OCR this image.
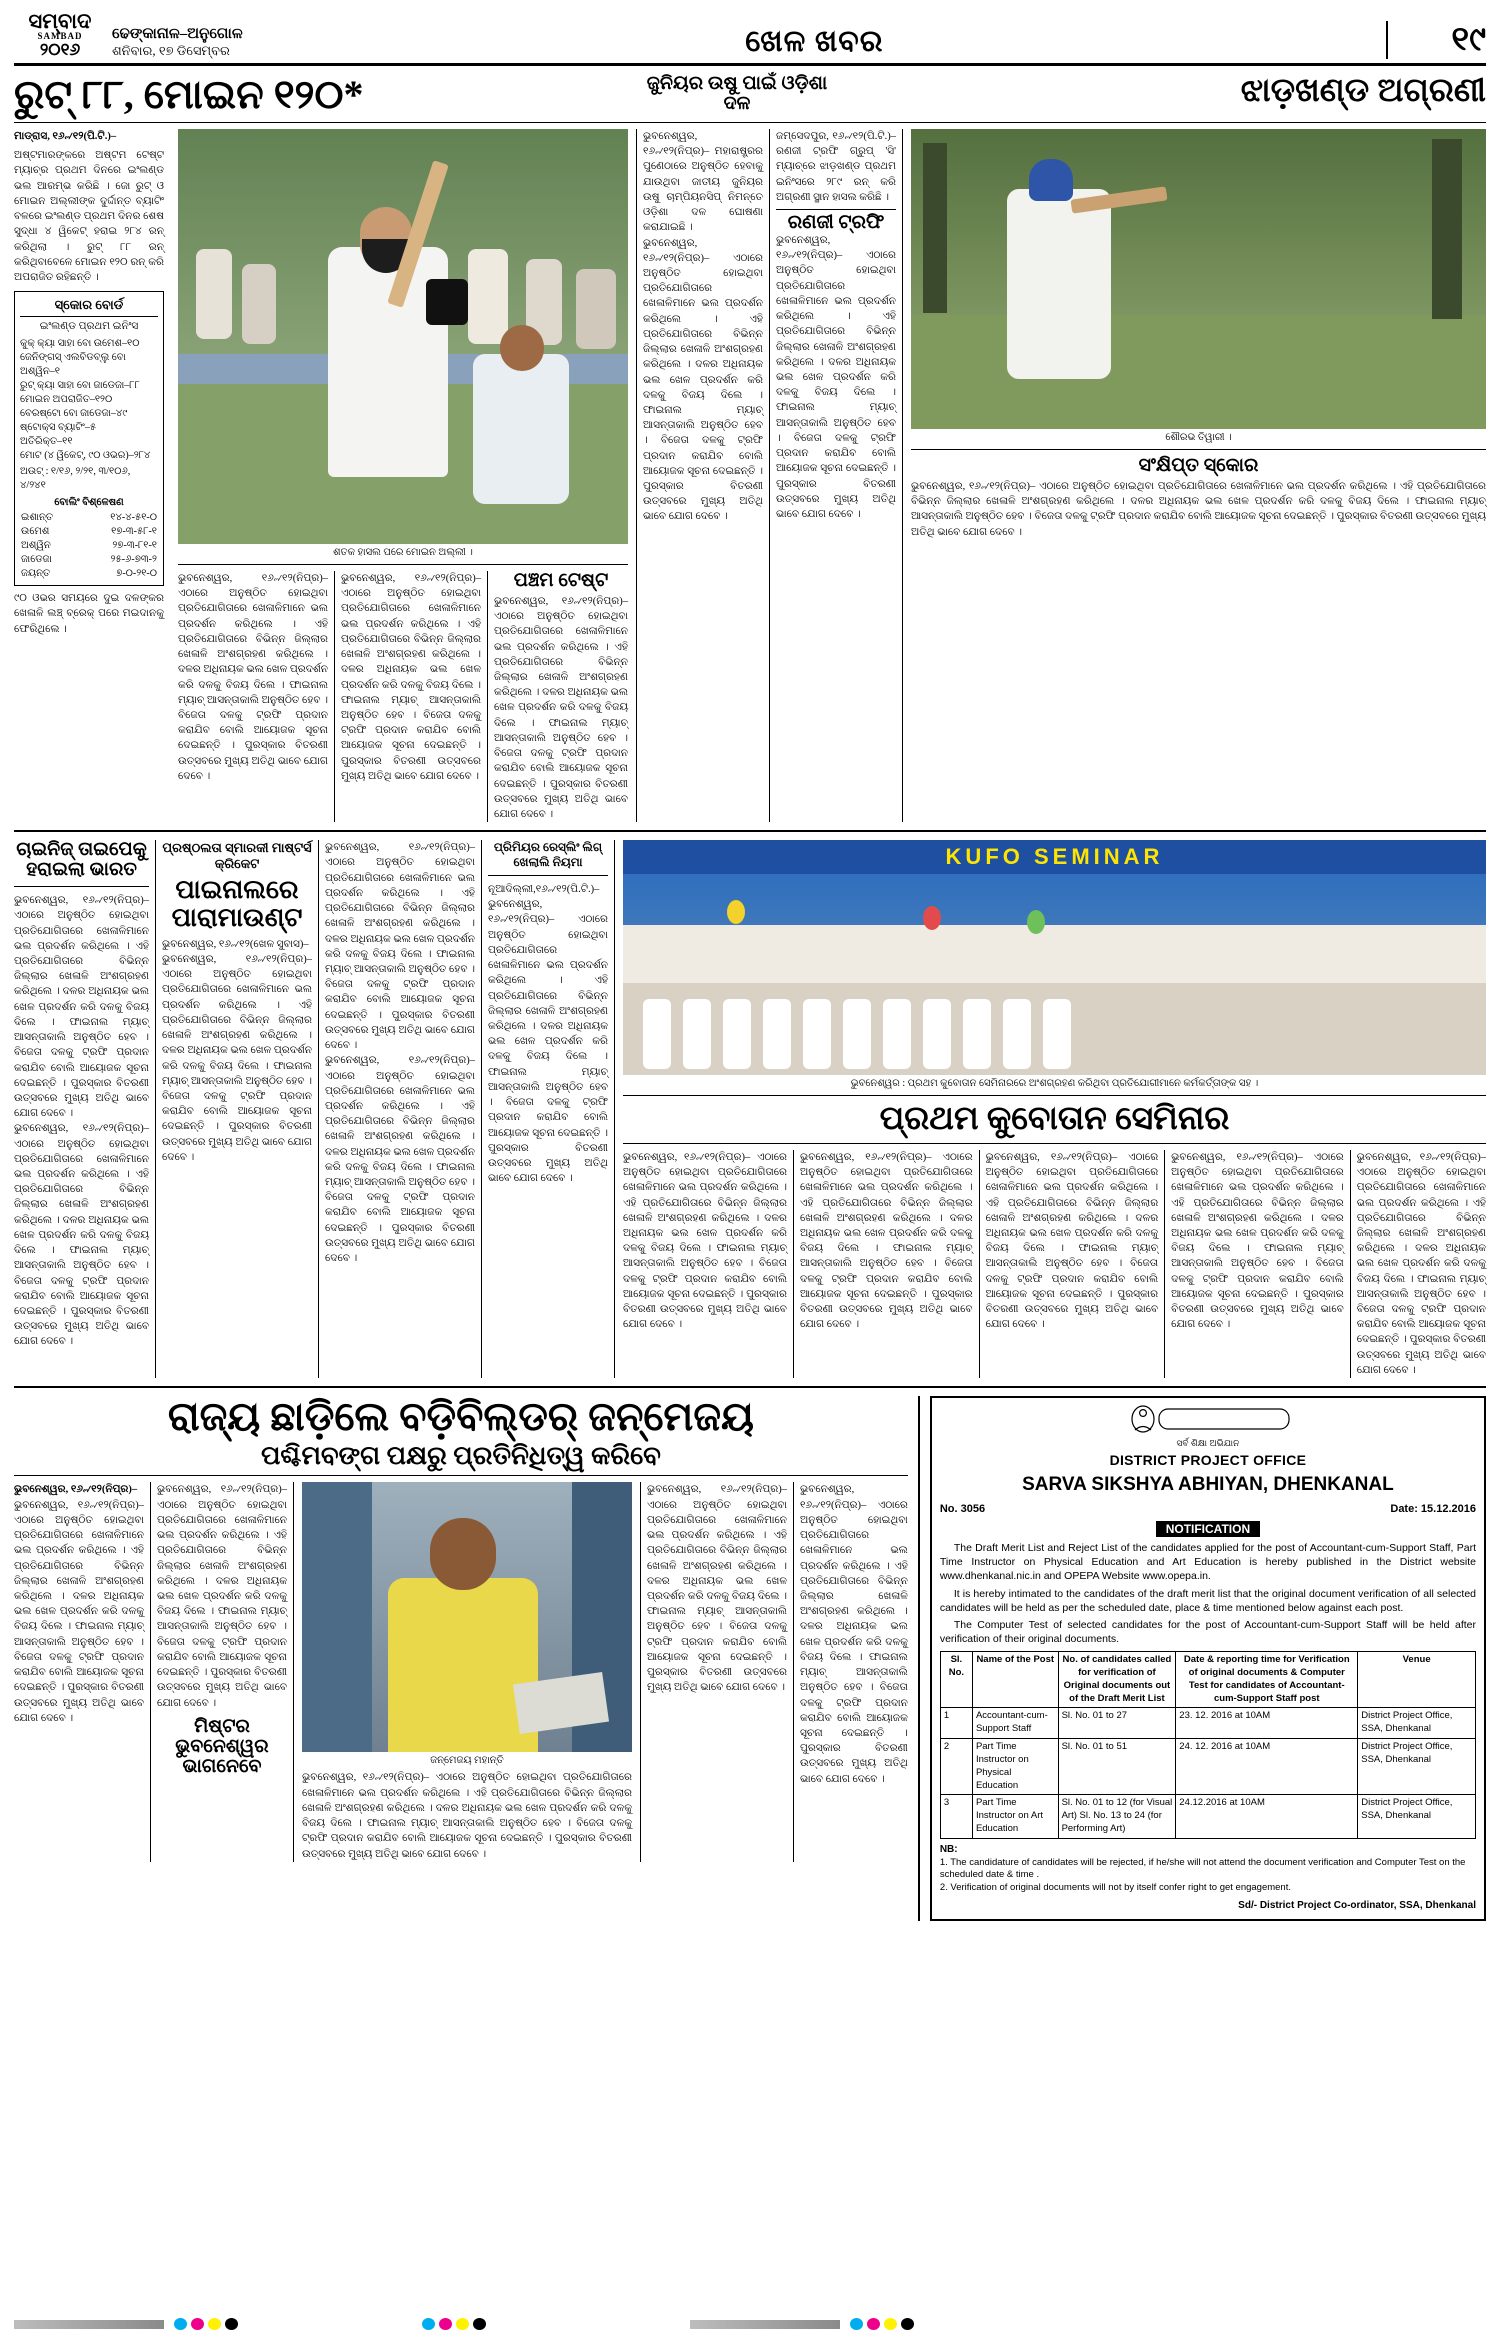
ସମ୍ବାଦ
SAMBAD
୨୦୧୬
ଢେଙ୍କାନାଳ–ଅନୁଗୋଳ
ଶନିବାର, ୧୭ ଡିସେମ୍ବର	ଖେଳ ଖବର	୧୯
ରୁଟ୍ ୮୮, ମୋଇନ ୧୨୦*	ଜୁନିୟର ଉଷୁ ପାଇଁ ଓଡ଼ିଶା ଦଳ	ଝାଡ଼ଖଣ୍ଡ ଅଗ୍ରଣୀ

ମାଡ୍ରାସ, ୧୬୷୧୨(ପି.ଟି.)–

ଅଷ୍ଟମାରଙ୍କରେ ଅଷ୍ଟମ ଟେଷ୍ଟ ମ୍ୟାଚ୍‌ର ପ୍ରଥମ ଦିନରେ ଇଂଲଣ୍ଡ ଭଲ ଆରମ୍ଭ କରିଛି । ଜୋ ରୁଟ୍ ଓ ମୋଇନ ଅଲ୍ଲୀଙ୍କ ଦୁର୍ଦ୍ଦାନ୍ତ ବ୍ୟାଟିଂ ବଳରେ ଇଂଲଣ୍ଡ ପ୍ରଥମ ଦିନର ଶେଷ ସୁଦ୍ଧା ୪ ୱିକେଟ୍ ହରାଇ ୨୮୪ ରନ୍ କରିଥିଲା । ରୁଟ୍ ୮୮ ରନ୍ କରିଥିବାବେଳେ ମୋଇନ ୧୨୦ ରନ୍ କରି ଅପରାଜିତ ରହିଛନ୍ତି ।

ସ୍କୋର ବୋର୍ଡ
ଇଂଲଣ୍ଡ ପ୍ରଥମ ଇନିଂସ
କୁକ୍ କ୍ୟା ସାହା ବୋ ଉମେଶ–୧୦
ଜେନିଙ୍ଗସ୍ ଏଲବିଡବ୍ଲୁ ବୋ ଅଶ୍ୱିନ–୧
ରୁଟ୍ କ୍ୟା ସାହା ବୋ ଜାଡେଜା–୮୮
ମୋଇନ ଅପରାଜିତ–୧୨୦
ବେରଷ୍ଟୋ ବୋ ଜାଡେଜା–୪୯
ଷ୍ଟୋକ୍ସ ବ୍ୟାଟିଂ–୫
ଅତିରିକ୍ତ–୧୧
ମୋଟ (୪ ୱିକେଟ୍, ୯୦ ଓଭର)–୨୮୪
ଅଉଟ୍ : ୧/୧୬, ୨/୨୧, ୩/୧୦୬, ୪/୨୪୧
ବୋଲିଂ ବିଶ୍ଳେଷଣ
ଇଶାନ୍ତ	୧୪-୪-୫୧-୦
ଉମେଶ	୧୭-୩-୫୮-୧
ଅଶ୍ୱିନ	୨୭-୩-୮୧-୧
ଜାଡେଜା	୨୫-୬-୭୩-୨
ଜୟନ୍ତ	୭-୦-୨୧-୦
୯୦ ଓଭର ସମୟରେ ଦୁଇ ଦଳଙ୍କର ଖେଳାଳି ଲଞ୍ଚ୍ ବ୍ରେକ୍ ପରେ ମଇଦାନକୁ ଫେରିଥିଲେ ।
ଶତକ ହାସଲ ପରେ ମୋଇନ ଅଲ୍ଲୀ ।
ଭୁବନେଶ୍ୱର, ୧୬୷୧୨(ନିପ୍ର)– ଏଠାରେ ଅନୁଷ୍ଠିତ ହୋଇଥିବା ପ୍ରତିଯୋଗିତାରେ ଖେଳାଳିମାନେ ଭଲ ପ୍ରଦର୍ଶନ କରିଥିଲେ । ଏହି ପ୍ରତିଯୋଗିତାରେ ବିଭିନ୍ନ ଜିଲ୍ଲାର ଖେଳାଳି ଅଂଶଗ୍ରହଣ କରିଥିଲେ । ଦଳର ଅଧିନାୟକ ଭଲ ଖେଳ ପ୍ରଦର୍ଶନ କରି ଦଳକୁ ବିଜୟ ଦିଲେ । ଫାଇନାଲ ମ୍ୟାଚ୍ ଆସନ୍ତାକାଲି ଅନୁଷ୍ଠିତ ହେବ । ବିଜେତା ଦଳକୁ ଟ୍ରଫି ପ୍ରଦାନ କରାଯିବ ବୋଲି ଆୟୋଜକ ସୂଚନା ଦେଇଛନ୍ତି । ପୁରସ୍କାର ବିତରଣୀ ଉତ୍ସବରେ ମୁଖ୍ୟ ଅତିଥି ଭାବେ ଯୋଗ ଦେବେ ।
ଭୁବନେଶ୍ୱର, ୧୬୷୧୨(ନିପ୍ର)– ଏଠାରେ ଅନୁଷ୍ଠିତ ହୋଇଥିବା ପ୍ରତିଯୋଗିତାରେ ଖେଳାଳିମାନେ ଭଲ ପ୍ରଦର୍ଶନ କରିଥିଲେ । ଏହି ପ୍ରତିଯୋଗିତାରେ ବିଭିନ୍ନ ଜିଲ୍ଲାର ଖେଳାଳି ଅଂଶଗ୍ରହଣ କରିଥିଲେ । ଦଳର ଅଧିନାୟକ ଭଲ ଖେଳ ପ୍ରଦର୍ଶନ କରି ଦଳକୁ ବିଜୟ ଦିଲେ । ଫାଇନାଲ ମ୍ୟାଚ୍ ଆସନ୍ତାକାଲି ଅନୁଷ୍ଠିତ ହେବ । ବିଜେତା ଦଳକୁ ଟ୍ରଫି ପ୍ରଦାନ କରାଯିବ ବୋଲି ଆୟୋଜକ ସୂଚନା ଦେଇଛନ୍ତି । ପୁରସ୍କାର ବିତରଣୀ ଉତ୍ସବରେ ମୁଖ୍ୟ ଅତିଥି ଭାବେ ଯୋଗ ଦେବେ ।
ପଞ୍ଚମ ଟେଷ୍ଟ
ଭୁବନେଶ୍ୱର, ୧୬୷୧୨(ନିପ୍ର)– ଏଠାରେ ଅନୁଷ୍ଠିତ ହୋଇଥିବା ପ୍ରତିଯୋଗିତାରେ ଖେଳାଳିମାନେ ଭଲ ପ୍ରଦର୍ଶନ କରିଥିଲେ । ଏହି ପ୍ରତିଯୋଗିତାରେ ବିଭିନ୍ନ ଜିଲ୍ଲାର ଖେଳାଳି ଅଂଶଗ୍ରହଣ କରିଥିଲେ । ଦଳର ଅଧିନାୟକ ଭଲ ଖେଳ ପ୍ରଦର୍ଶନ କରି ଦଳକୁ ବିଜୟ ଦିଲେ । ଫାଇନାଲ ମ୍ୟାଚ୍ ଆସନ୍ତାକାଲି ଅନୁଷ୍ଠିତ ହେବ । ବିଜେତା ଦଳକୁ ଟ୍ରଫି ପ୍ରଦାନ କରାଯିବ ବୋଲି ଆୟୋଜକ ସୂଚନା ଦେଇଛନ୍ତି । ପୁରସ୍କାର ବିତରଣୀ ଉତ୍ସବରେ ମୁଖ୍ୟ ଅତିଥି ଭାବେ ଯୋଗ ଦେବେ ।
ଭୁବନେଶ୍ୱର, ୧୬୷୧୨(ନିପ୍ର)– ମହାରାଷ୍ଟ୍ରର ପୁଣେଠାରେ ଅନୁଷ୍ଠିତ ହେବାକୁ ଯାଉଥିବା ଜାତୀୟ ଜୁନିୟର ଉଷୁ ଚାମ୍ପିୟନସିପ୍ ନିମନ୍ତେ ଓଡ଼ିଶା ଦଳ ଘୋଷଣା କରାଯାଇଛି ।
ଭୁବନେଶ୍ୱର, ୧୬୷୧୨(ନିପ୍ର)– ଏଠାରେ ଅନୁଷ୍ଠିତ ହୋଇଥିବା ପ୍ରତିଯୋଗିତାରେ ଖେଳାଳିମାନେ ଭଲ ପ୍ରଦର୍ଶନ କରିଥିଲେ । ଏହି ପ୍ରତିଯୋଗିତାରେ ବିଭିନ୍ନ ଜିଲ୍ଲାର ଖେଳାଳି ଅଂଶଗ୍ରହଣ କରିଥିଲେ । ଦଳର ଅଧିନାୟକ ଭଲ ଖେଳ ପ୍ରଦର୍ଶନ କରି ଦଳକୁ ବିଜୟ ଦିଲେ । ଫାଇନାଲ ମ୍ୟାଚ୍ ଆସନ୍ତାକାଲି ଅନୁଷ୍ଠିତ ହେବ । ବିଜେତା ଦଳକୁ ଟ୍ରଫି ପ୍ରଦାନ କରାଯିବ ବୋଲି ଆୟୋଜକ ସୂଚନା ଦେଇଛନ୍ତି । ପୁରସ୍କାର ବିତରଣୀ ଉତ୍ସବରେ ମୁଖ୍ୟ ଅତିଥି ଭାବେ ଯୋଗ ଦେବେ ।
ଜମ୍‌ସେଦପୁର, ୧୬୷୧୨(ପି.ଟି.)– ରଣଜୀ ଟ୍ରଫି ଗ୍ରୁପ୍ 'ସି' ମ୍ୟାଚ୍‌ରେ ଝାଡ଼ଖଣ୍ଡ ପ୍ରଥମ ଇନିଂସରେ ୨୮୯ ରନ୍ କରି ଅଗ୍ରଣୀ ସ୍ଥାନ ହାସଲ କରିଛି ।
ରଣଜୀ ଟ୍ରଫି
ଭୁବନେଶ୍ୱର, ୧୬୷୧୨(ନିପ୍ର)– ଏଠାରେ ଅନୁଷ୍ଠିତ ହୋଇଥିବା ପ୍ରତିଯୋଗିତାରେ ଖେଳାଳିମାନେ ଭଲ ପ୍ରଦର୍ଶନ କରିଥିଲେ । ଏହି ପ୍ରତିଯୋଗିତାରେ ବିଭିନ୍ନ ଜିଲ୍ଲାର ଖେଳାଳି ଅଂଶଗ୍ରହଣ କରିଥିଲେ । ଦଳର ଅଧିନାୟକ ଭଲ ଖେଳ ପ୍ରଦର୍ଶନ କରି ଦଳକୁ ବିଜୟ ଦିଲେ । ଫାଇନାଲ ମ୍ୟାଚ୍ ଆସନ୍ତାକାଲି ଅନୁଷ୍ଠିତ ହେବ । ବିଜେତା ଦଳକୁ ଟ୍ରଫି ପ୍ରଦାନ କରାଯିବ ବୋଲି ଆୟୋଜକ ସୂଚନା ଦେଇଛନ୍ତି । ପୁରସ୍କାର ବିତରଣୀ ଉତ୍ସବରେ ମୁଖ୍ୟ ଅତିଥି ଭାବେ ଯୋଗ ଦେବେ ।
ଶୌରଭ ତିୱାରୀ ।
ସଂକ୍ଷିପ୍ତ ସ୍କୋର
ଭୁବନେଶ୍ୱର, ୧୬୷୧୨(ନିପ୍ର)– ଏଠାରେ ଅନୁଷ୍ଠିତ ହୋଇଥିବା ପ୍ରତିଯୋଗିତାରେ ଖେଳାଳିମାନେ ଭଲ ପ୍ରଦର୍ଶନ କରିଥିଲେ । ଏହି ପ୍ରତିଯୋଗିତାରେ ବିଭିନ୍ନ ଜିଲ୍ଲାର ଖେଳାଳି ଅଂଶଗ୍ରହଣ କରିଥିଲେ । ଦଳର ଅଧିନାୟକ ଭଲ ଖେଳ ପ୍ରଦର୍ଶନ କରି ଦଳକୁ ବିଜୟ ଦିଲେ । ଫାଇନାଲ ମ୍ୟାଚ୍ ଆସନ୍ତାକାଲି ଅନୁଷ୍ଠିତ ହେବ । ବିଜେତା ଦଳକୁ ଟ୍ରଫି ପ୍ରଦାନ କରାଯିବ ବୋଲି ଆୟୋଜକ ସୂଚନା ଦେଇଛନ୍ତି । ପୁରସ୍କାର ବିତରଣୀ ଉତ୍ସବରେ ମୁଖ୍ୟ ଅତିଥି ଭାବେ ଯୋଗ ଦେବେ ।
ଚାଇନିଜ୍ ତାଇପେକୁ ହରାଇଲା ଭାରତ
ଭୁବନେଶ୍ୱର, ୧୬୷୧୨(ନିପ୍ର)– ଏଠାରେ ଅନୁଷ୍ଠିତ ହୋଇଥିବା ପ୍ରତିଯୋଗିତାରେ ଖେଳାଳିମାନେ ଭଲ ପ୍ରଦର୍ଶନ କରିଥିଲେ । ଏହି ପ୍ରତିଯୋଗିତାରେ ବିଭିନ୍ନ ଜିଲ୍ଲାର ଖେଳାଳି ଅଂଶଗ୍ରହଣ କରିଥିଲେ । ଦଳର ଅଧିନାୟକ ଭଲ ଖେଳ ପ୍ରଦର୍ଶନ କରି ଦଳକୁ ବିଜୟ ଦିଲେ । ଫାଇନାଲ ମ୍ୟାଚ୍ ଆସନ୍ତାକାଲି ଅନୁଷ୍ଠିତ ହେବ । ବିଜେତା ଦଳକୁ ଟ୍ରଫି ପ୍ରଦାନ କରାଯିବ ବୋଲି ଆୟୋଜକ ସୂଚନା ଦେଇଛନ୍ତି । ପୁରସ୍କାର ବିତରଣୀ ଉତ୍ସବରେ ମୁଖ୍ୟ ଅତିଥି ଭାବେ ଯୋଗ ଦେବେ ।
ଭୁବନେଶ୍ୱର, ୧୬୷୧୨(ନିପ୍ର)– ଏଠାରେ ଅନୁଷ୍ଠିତ ହୋଇଥିବା ପ୍ରତିଯୋଗିତାରେ ଖେଳାଳିମାନେ ଭଲ ପ୍ରଦର୍ଶନ କରିଥିଲେ । ଏହି ପ୍ରତିଯୋଗିତାରେ ବିଭିନ୍ନ ଜିଲ୍ଲାର ଖେଳାଳି ଅଂଶଗ୍ରହଣ କରିଥିଲେ । ଦଳର ଅଧିନାୟକ ଭଲ ଖେଳ ପ୍ରଦର୍ଶନ କରି ଦଳକୁ ବିଜୟ ଦିଲେ । ଫାଇନାଲ ମ୍ୟାଚ୍ ଆସନ୍ତାକାଲି ଅନୁଷ୍ଠିତ ହେବ । ବିଜେତା ଦଳକୁ ଟ୍ରଫି ପ୍ରଦାନ କରାଯିବ ବୋଲି ଆୟୋଜକ ସୂଚନା ଦେଇଛନ୍ତି । ପୁରସ୍କାର ବିତରଣୀ ଉତ୍ସବରେ ମୁଖ୍ୟ ଅତିଥି ଭାବେ ଯୋଗ ଦେବେ ।
ପ୍ରଷ୍ଠଲତା ସ୍ମାରକୀ ମାଷ୍ଟର୍ସ କ୍ରିକେଟ
ପାଇନାଲରେ ପାରାମାଉଣ୍ଟ
ଭୁବନେଶ୍ୱର, ୧୬୷୧୨(ଖେଳ ସୁବାସ)–
ଭୁବନେଶ୍ୱର, ୧୬୷୧୨(ନିପ୍ର)– ଏଠାରେ ଅନୁଷ୍ଠିତ ହୋଇଥିବା ପ୍ରତିଯୋଗିତାରେ ଖେଳାଳିମାନେ ଭଲ ପ୍ରଦର୍ଶନ କରିଥିଲେ । ଏହି ପ୍ରତିଯୋଗିତାରେ ବିଭିନ୍ନ ଜିଲ୍ଲାର ଖେଳାଳି ଅଂଶଗ୍ରହଣ କରିଥିଲେ । ଦଳର ଅଧିନାୟକ ଭଲ ଖେଳ ପ୍ରଦର୍ଶନ କରି ଦଳକୁ ବିଜୟ ଦିଲେ । ଫାଇନାଲ ମ୍ୟାଚ୍ ଆସନ୍ତାକାଲି ଅନୁଷ୍ଠିତ ହେବ । ବିଜେତା ଦଳକୁ ଟ୍ରଫି ପ୍ରଦାନ କରାଯିବ ବୋଲି ଆୟୋଜକ ସୂଚନା ଦେଇଛନ୍ତି । ପୁରସ୍କାର ବିତରଣୀ ଉତ୍ସବରେ ମୁଖ୍ୟ ଅତିଥି ଭାବେ ଯୋଗ ଦେବେ ।
ଭୁବନେଶ୍ୱର, ୧୬୷୧୨(ନିପ୍ର)– ଏଠାରେ ଅନୁଷ୍ଠିତ ହୋଇଥିବା ପ୍ରତିଯୋଗିତାରେ ଖେଳାଳିମାନେ ଭଲ ପ୍ରଦର୍ଶନ କରିଥିଲେ । ଏହି ପ୍ରତିଯୋଗିତାରେ ବିଭିନ୍ନ ଜିଲ୍ଲାର ଖେଳାଳି ଅଂଶଗ୍ରହଣ କରିଥିଲେ । ଦଳର ଅଧିନାୟକ ଭଲ ଖେଳ ପ୍ରଦର୍ଶନ କରି ଦଳକୁ ବିଜୟ ଦିଲେ । ଫାଇନାଲ ମ୍ୟାଚ୍ ଆସନ୍ତାକାଲି ଅନୁଷ୍ଠିତ ହେବ । ବିଜେତା ଦଳକୁ ଟ୍ରଫି ପ୍ରଦାନ କରାଯିବ ବୋଲି ଆୟୋଜକ ସୂଚନା ଦେଇଛନ୍ତି । ପୁରସ୍କାର ବିତରଣୀ ଉତ୍ସବରେ ମୁଖ୍ୟ ଅତିଥି ଭାବେ ଯୋଗ ଦେବେ ।
ଭୁବନେଶ୍ୱର, ୧୬୷୧୨(ନିପ୍ର)– ଏଠାରେ ଅନୁଷ୍ଠିତ ହୋଇଥିବା ପ୍ରତିଯୋଗିତାରେ ଖେଳାଳିମାନେ ଭଲ ପ୍ରଦର୍ଶନ କରିଥିଲେ । ଏହି ପ୍ରତିଯୋଗିତାରେ ବିଭିନ୍ନ ଜିଲ୍ଲାର ଖେଳାଳି ଅଂଶଗ୍ରହଣ କରିଥିଲେ । ଦଳର ଅଧିନାୟକ ଭଲ ଖେଳ ପ୍ରଦର୍ଶନ କରି ଦଳକୁ ବିଜୟ ଦିଲେ । ଫାଇନାଲ ମ୍ୟାଚ୍ ଆସନ୍ତାକାଲି ଅନୁଷ୍ଠିତ ହେବ । ବିଜେତା ଦଳକୁ ଟ୍ରଫି ପ୍ରଦାନ କରାଯିବ ବୋଲି ଆୟୋଜକ ସୂଚନା ଦେଇଛନ୍ତି । ପୁରସ୍କାର ବିତରଣୀ ଉତ୍ସବରେ ମୁଖ୍ୟ ଅତିଥି ଭାବେ ଯୋଗ ଦେବେ ।
ପ୍ରିମିୟର ରେସ୍ଲିଂ ଲିଗ୍ ଖେଲାଲି ନିୟମା
ନୂଆଦିଲ୍ଲୀ,୧୬୷୧୨(ପି.ଟି.)–
ଭୁବନେଶ୍ୱର, ୧୬୷୧୨(ନିପ୍ର)– ଏଠାରେ ଅନୁଷ୍ଠିତ ହୋଇଥିବା ପ୍ରତିଯୋଗିତାରେ ଖେଳାଳିମାନେ ଭଲ ପ୍ରଦର୍ଶନ କରିଥିଲେ । ଏହି ପ୍ରତିଯୋଗିତାରେ ବିଭିନ୍ନ ଜିଲ୍ଲାର ଖେଳାଳି ଅଂଶଗ୍ରହଣ କରିଥିଲେ । ଦଳର ଅଧିନାୟକ ଭଲ ଖେଳ ପ୍ରଦର୍ଶନ କରି ଦଳକୁ ବିଜୟ ଦିଲେ । ଫାଇନାଲ ମ୍ୟାଚ୍ ଆସନ୍ତାକାଲି ଅନୁଷ୍ଠିତ ହେବ । ବିଜେତା ଦଳକୁ ଟ୍ରଫି ପ୍ରଦାନ କରାଯିବ ବୋଲି ଆୟୋଜକ ସୂଚନା ଦେଇଛନ୍ତି । ପୁରସ୍କାର ବିତରଣୀ ଉତ୍ସବରେ ମୁଖ୍ୟ ଅତିଥି ଭାବେ ଯୋଗ ଦେବେ ।
KUFO SEMINAR
ଭୁବନେଶ୍ୱର : ପ୍ରଥମ କୁବୋତାନ ସେମିନାରରେ ଅଂଶଗ୍ରହଣ କରିଥିବା ପ୍ରତିଯୋଗୀମାନେ କର୍ମକର୍ତ୍ତାଙ୍କ ସହ ।
ପ୍ରଥମ କୁବୋତାନ ସେମିନାର
ଭୁବନେଶ୍ୱର, ୧୬୷୧୨(ନିପ୍ର)– ଏଠାରେ ଅନୁଷ୍ଠିତ ହୋଇଥିବା ପ୍ରତିଯୋଗିତାରେ ଖେଳାଳିମାନେ ଭଲ ପ୍ରଦର୍ଶନ କରିଥିଲେ । ଏହି ପ୍ରତିଯୋଗିତାରେ ବିଭିନ୍ନ ଜିଲ୍ଲାର ଖେଳାଳି ଅଂଶଗ୍ରହଣ କରିଥିଲେ । ଦଳର ଅଧିନାୟକ ଭଲ ଖେଳ ପ୍ରଦର୍ଶନ କରି ଦଳକୁ ବିଜୟ ଦିଲେ । ଫାଇନାଲ ମ୍ୟାଚ୍ ଆସନ୍ତାକାଲି ଅନୁଷ୍ଠିତ ହେବ । ବିଜେତା ଦଳକୁ ଟ୍ରଫି ପ୍ରଦାନ କରାଯିବ ବୋଲି ଆୟୋଜକ ସୂଚନା ଦେଇଛନ୍ତି । ପୁରସ୍କାର ବିତରଣୀ ଉତ୍ସବରେ ମୁଖ୍ୟ ଅତିଥି ଭାବେ ଯୋଗ ଦେବେ ।
ଭୁବନେଶ୍ୱର, ୧୬୷୧୨(ନିପ୍ର)– ଏଠାରେ ଅନୁଷ୍ଠିତ ହୋଇଥିବା ପ୍ରତିଯୋଗିତାରେ ଖେଳାଳିମାନେ ଭଲ ପ୍ରଦର୍ଶନ କରିଥିଲେ । ଏହି ପ୍ରତିଯୋଗିତାରେ ବିଭିନ୍ନ ଜିଲ୍ଲାର ଖେଳାଳି ଅଂଶଗ୍ରହଣ କରିଥିଲେ । ଦଳର ଅଧିନାୟକ ଭଲ ଖେଳ ପ୍ରଦର୍ଶନ କରି ଦଳକୁ ବିଜୟ ଦିଲେ । ଫାଇନାଲ ମ୍ୟାଚ୍ ଆସନ୍ତାକାଲି ଅନୁଷ୍ଠିତ ହେବ । ବିଜେତା ଦଳକୁ ଟ୍ରଫି ପ୍ରଦାନ କରାଯିବ ବୋଲି ଆୟୋଜକ ସୂଚନା ଦେଇଛନ୍ତି । ପୁରସ୍କାର ବିତରଣୀ ଉତ୍ସବରେ ମୁଖ୍ୟ ଅତିଥି ଭାବେ ଯୋଗ ଦେବେ ।
ଭୁବନେଶ୍ୱର, ୧୬୷୧୨(ନିପ୍ର)– ଏଠାରେ ଅନୁଷ୍ଠିତ ହୋଇଥିବା ପ୍ରତିଯୋଗିତାରେ ଖେଳାଳିମାନେ ଭଲ ପ୍ରଦର୍ଶନ କରିଥିଲେ । ଏହି ପ୍ରତିଯୋଗିତାରେ ବିଭିନ୍ନ ଜିଲ୍ଲାର ଖେଳାଳି ଅଂଶଗ୍ରହଣ କରିଥିଲେ । ଦଳର ଅଧିନାୟକ ଭଲ ଖେଳ ପ୍ରଦର୍ଶନ କରି ଦଳକୁ ବିଜୟ ଦିଲେ । ଫାଇନାଲ ମ୍ୟାଚ୍ ଆସନ୍ତାକାଲି ଅନୁଷ୍ଠିତ ହେବ । ବିଜେତା ଦଳକୁ ଟ୍ରଫି ପ୍ରଦାନ କରାଯିବ ବୋଲି ଆୟୋଜକ ସୂଚନା ଦେଇଛନ୍ତି । ପୁରସ୍କାର ବିତରଣୀ ଉତ୍ସବରେ ମୁଖ୍ୟ ଅତିଥି ଭାବେ ଯୋଗ ଦେବେ ।
ଭୁବନେଶ୍ୱର, ୧୬୷୧୨(ନିପ୍ର)– ଏଠାରେ ଅନୁଷ୍ଠିତ ହୋଇଥିବା ପ୍ରତିଯୋଗିତାରେ ଖେଳାଳିମାନେ ଭଲ ପ୍ରଦର୍ଶନ କରିଥିଲେ । ଏହି ପ୍ରତିଯୋଗିତାରେ ବିଭିନ୍ନ ଜିଲ୍ଲାର ଖେଳାଳି ଅଂଶଗ୍ରହଣ କରିଥିଲେ । ଦଳର ଅଧିନାୟକ ଭଲ ଖେଳ ପ୍ରଦର୍ଶନ କରି ଦଳକୁ ବିଜୟ ଦିଲେ । ଫାଇନାଲ ମ୍ୟାଚ୍ ଆସନ୍ତାକାଲି ଅନୁଷ୍ଠିତ ହେବ । ବିଜେତା ଦଳକୁ ଟ୍ରଫି ପ୍ରଦାନ କରାଯିବ ବୋଲି ଆୟୋଜକ ସୂଚନା ଦେଇଛନ୍ତି । ପୁରସ୍କାର ବିତରଣୀ ଉତ୍ସବରେ ମୁଖ୍ୟ ଅତିଥି ଭାବେ ଯୋଗ ଦେବେ ।
ଭୁବନେଶ୍ୱର, ୧୬୷୧୨(ନିପ୍ର)– ଏଠାରେ ଅନୁଷ୍ଠିତ ହୋଇଥିବା ପ୍ରତିଯୋଗିତାରେ ଖେଳାଳିମାନେ ଭଲ ପ୍ରଦର୍ଶନ କରିଥିଲେ । ଏହି ପ୍ରତିଯୋଗିତାରେ ବିଭିନ୍ନ ଜିଲ୍ଲାର ଖେଳାଳି ଅଂଶଗ୍ରହଣ କରିଥିଲେ । ଦଳର ଅଧିନାୟକ ଭଲ ଖେଳ ପ୍ରଦର୍ଶନ କରି ଦଳକୁ ବିଜୟ ଦିଲେ । ଫାଇନାଲ ମ୍ୟାଚ୍ ଆସନ୍ତାକାଲି ଅନୁଷ୍ଠିତ ହେବ । ବିଜେତା ଦଳକୁ ଟ୍ରଫି ପ୍ରଦାନ କରାଯିବ ବୋଲି ଆୟୋଜକ ସୂଚନା ଦେଇଛନ୍ତି । ପୁରସ୍କାର ବିତରଣୀ ଉତ୍ସବରେ ମୁଖ୍ୟ ଅତିଥି ଭାବେ ଯୋଗ ଦେବେ ।
ରାଜ୍ୟ ଛାଡ଼ିଲେ ବଡ଼ିବିଲ୍ଡର୍ ଜନ୍ମେଜୟ
ପଶ୍ଚିମବଙ୍ଗ ପକ୍ଷରୁ ପ୍ରତିନିଧିତ୍ୱ କରିବେ
ଭୁବନେଶ୍ୱର, ୧୬୷୧୨(ନିପ୍ର)–
ଭୁବନେଶ୍ୱର, ୧୬୷୧୨(ନିପ୍ର)– ଏଠାରେ ଅନୁଷ୍ଠିତ ହୋଇଥିବା ପ୍ରତିଯୋଗିତାରେ ଖେଳାଳିମାନେ ଭଲ ପ୍ରଦର୍ଶନ କରିଥିଲେ । ଏହି ପ୍ରତିଯୋଗିତାରେ ବିଭିନ୍ନ ଜିଲ୍ଲାର ଖେଳାଳି ଅଂଶଗ୍ରହଣ କରିଥିଲେ । ଦଳର ଅଧିନାୟକ ଭଲ ଖେଳ ପ୍ରଦର୍ଶନ କରି ଦଳକୁ ବିଜୟ ଦିଲେ । ଫାଇନାଲ ମ୍ୟାଚ୍ ଆସନ୍ତାକାଲି ଅନୁଷ୍ଠିତ ହେବ । ବିଜେତା ଦଳକୁ ଟ୍ରଫି ପ୍ରଦାନ କରାଯିବ ବୋଲି ଆୟୋଜକ ସୂଚନା ଦେଇଛନ୍ତି । ପୁରସ୍କାର ବିତରଣୀ ଉତ୍ସବରେ ମୁଖ୍ୟ ଅତିଥି ଭାବେ ଯୋଗ ଦେବେ ।
ଭୁବନେଶ୍ୱର, ୧୬୷୧୨(ନିପ୍ର)– ଏଠାରେ ଅନୁଷ୍ଠିତ ହୋଇଥିବା ପ୍ରତିଯୋଗିତାରେ ଖେଳାଳିମାନେ ଭଲ ପ୍ରଦର୍ଶନ କରିଥିଲେ । ଏହି ପ୍ରତିଯୋଗିତାରେ ବିଭିନ୍ନ ଜିଲ୍ଲାର ଖେଳାଳି ଅଂଶଗ୍ରହଣ କରିଥିଲେ । ଦଳର ଅଧିନାୟକ ଭଲ ଖେଳ ପ୍ରଦର୍ଶନ କରି ଦଳକୁ ବିଜୟ ଦିଲେ । ଫାଇନାଲ ମ୍ୟାଚ୍ ଆସନ୍ତାକାଲି ଅନୁଷ୍ଠିତ ହେବ । ବିଜେତା ଦଳକୁ ଟ୍ରଫି ପ୍ରଦାନ କରାଯିବ ବୋଲି ଆୟୋଜକ ସୂଚନା ଦେଇଛନ୍ତି । ପୁରସ୍କାର ବିତରଣୀ ଉତ୍ସବରେ ମୁଖ୍ୟ ଅତିଥି ଭାବେ ଯୋଗ ଦେବେ ।
ମିଷ୍ଟର ଭୁବନେଶ୍ୱର ଭାଗନେବେ	ଜନ୍ମେଜୟ ମହାନ୍ତି
ଭୁବନେଶ୍ୱର, ୧୬୷୧୨(ନିପ୍ର)– ଏଠାରେ ଅନୁଷ୍ଠିତ ହୋଇଥିବା ପ୍ରତିଯୋଗିତାରେ ଖେଳାଳିମାନେ ଭଲ ପ୍ରଦର୍ଶନ କରିଥିଲେ । ଏହି ପ୍ରତିଯୋଗିତାରେ ବିଭିନ୍ନ ଜିଲ୍ଲାର ଖେଳାଳି ଅଂଶଗ୍ରହଣ କରିଥିଲେ । ଦଳର ଅଧିନାୟକ ଭଲ ଖେଳ ପ୍ରଦର୍ଶନ କରି ଦଳକୁ ବିଜୟ ଦିଲେ । ଫାଇନାଲ ମ୍ୟାଚ୍ ଆସନ୍ତାକାଲି ଅନୁଷ୍ଠିତ ହେବ । ବିଜେତା ଦଳକୁ ଟ୍ରଫି ପ୍ରଦାନ କରାଯିବ ବୋଲି ଆୟୋଜକ ସୂଚନା ଦେଇଛନ୍ତି । ପୁରସ୍କାର ବିତରଣୀ ଉତ୍ସବରେ ମୁଖ୍ୟ ଅତିଥି ଭାବେ ଯୋଗ ଦେବେ ।
ଭୁବନେଶ୍ୱର, ୧୬୷୧୨(ନିପ୍ର)– ଏଠାରେ ଅନୁଷ୍ଠିତ ହୋଇଥିବା ପ୍ରତିଯୋଗିତାରେ ଖେଳାଳିମାନେ ଭଲ ପ୍ରଦର୍ଶନ କରିଥିଲେ । ଏହି ପ୍ରତିଯୋଗିତାରେ ବିଭିନ୍ନ ଜିଲ୍ଲାର ଖେଳାଳି ଅଂଶଗ୍ରହଣ କରିଥିଲେ । ଦଳର ଅଧିନାୟକ ଭଲ ଖେଳ ପ୍ରଦର୍ଶନ କରି ଦଳକୁ ବିଜୟ ଦିଲେ । ଫାଇନାଲ ମ୍ୟାଚ୍ ଆସନ୍ତାକାଲି ଅନୁଷ୍ଠିତ ହେବ । ବିଜେତା ଦଳକୁ ଟ୍ରଫି ପ୍ରଦାନ କରାଯିବ ବୋଲି ଆୟୋଜକ ସୂଚନା ଦେଇଛନ୍ତି । ପୁରସ୍କାର ବିତରଣୀ ଉତ୍ସବରେ ମୁଖ୍ୟ ଅତିଥି ଭାବେ ଯୋଗ ଦେବେ ।
ଭୁବନେଶ୍ୱର, ୧୬୷୧୨(ନିପ୍ର)– ଏଠାରେ ଅନୁଷ୍ଠିତ ହୋଇଥିବା ପ୍ରତିଯୋଗିତାରେ ଖେଳାଳିମାନେ ଭଲ ପ୍ରଦର୍ଶନ କରିଥିଲେ । ଏହି ପ୍ରତିଯୋଗିତାରେ ବିଭିନ୍ନ ଜିଲ୍ଲାର ଖେଳାଳି ଅଂଶଗ୍ରହଣ କରିଥିଲେ । ଦଳର ଅଧିନାୟକ ଭଲ ଖେଳ ପ୍ରଦର୍ଶନ କରି ଦଳକୁ ବିଜୟ ଦିଲେ । ଫାଇନାଲ ମ୍ୟାଚ୍ ଆସନ୍ତାକାଲି ଅନୁଷ୍ଠିତ ହେବ । ବିଜେତା ଦଳକୁ ଟ୍ରଫି ପ୍ରଦାନ କରାଯିବ ବୋଲି ଆୟୋଜକ ସୂଚନା ଦେଇଛନ୍ତି । ପୁରସ୍କାର ବିତରଣୀ ଉତ୍ସବରେ ମୁଖ୍ୟ ଅତିଥି ଭାବେ ଯୋଗ ଦେବେ ।
ସର୍ବ ଶିକ୍ଷା ଅଭିଯାନ
DISTRICT PROJECT OFFICE
SARVA SIKSHYA ABHIYAN, DHENKANAL
No. 3056	Date: 15.12.2016
NOTIFICATION

The Draft Merit List and Reject List of the candidates applied for the post of Accountant-cum-Support Staff, Part Time Instructor on Physical Education and Art Education is hereby published in the District website www.dhenkanal.nic.in and OPEPA Website www.opepa.in.

It is hereby intimated to the candidates of the draft merit list that the original document verification of all selected candidates will be held as per the scheduled date, place & time mentioned below against each post.

The Computer Test of selected candidates for the post of Accountant-cum-Support Staff will be held after verification of their original documents.

Sl. No.	Name of the Post	No. of candidates called for verification of Original documents out of the Draft Merit List	Date & reporting time for Verification of original documents & Computer Test for candidates of Accountant-cum-Support Staff post	Venue
1	Accountant-cum-Support Staff	Sl. No. 01 to 27	23. 12. 2016 at 10AM	District Project Office, SSA, Dhenkanal
2	Part Time Instructor on Physical Education	Sl. No. 01 to 51	24. 12. 2016 at 10AM	District Project Office, SSA, Dhenkanal
3	Part Time Instructor on Art Education	Sl. No. 01 to 12 (for Visual Art) Sl. No. 13 to 24 (for Performing Art)	24.12.2016 at 10AM	District Project Office, SSA, Dhenkanal
NB:
1. The candidature of candidates will be rejected, if he/she will not attend the document verification and Computer Test on the scheduled date & time .
2. Verification of original documents will not by itself confer right to get engagement.
Sd/- District Project Co-ordinator, SSA, Dhenkanal
